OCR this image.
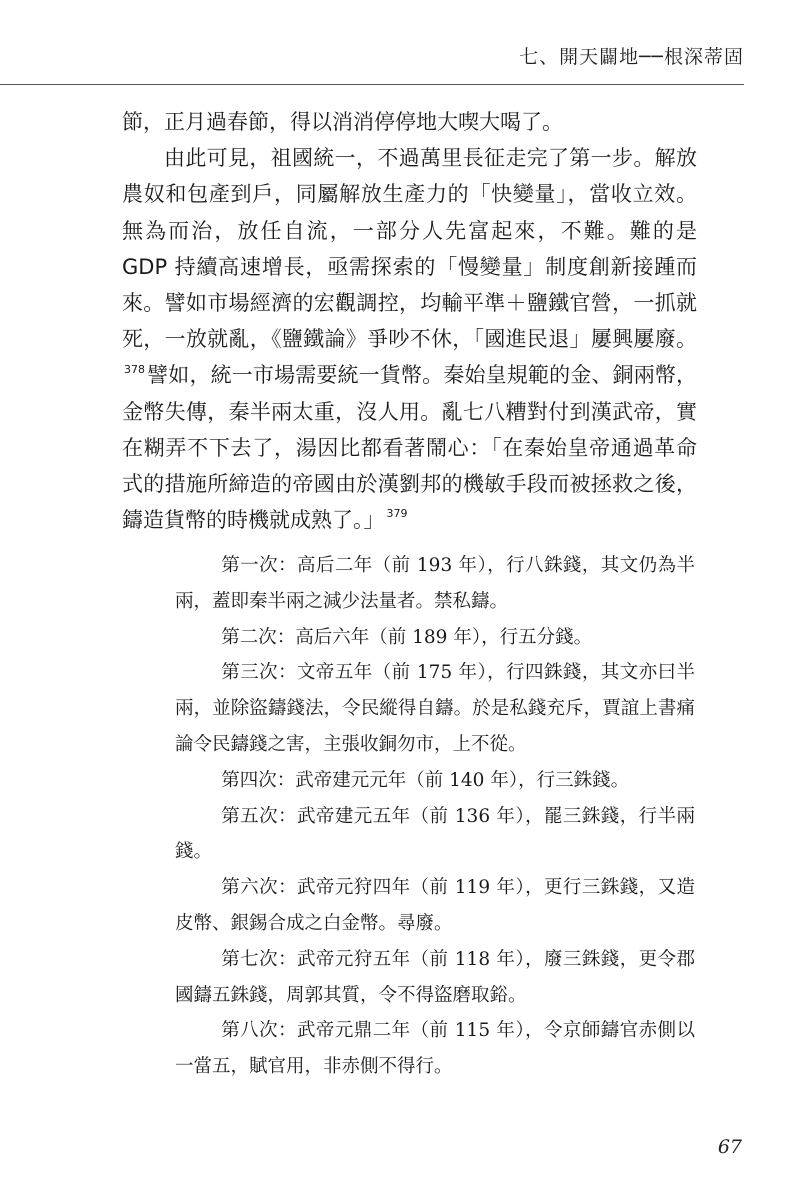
七、開天闢地──根深蒂固

節，正月過春節，得以消消停停地大喫大喝了。

由此可見，祖國統一，不過萬里長征走完了第一步。解放農奴和包產到戶，同屬解放生產力的「快變量」，當收立效。無為而治，放任自流，一部分人先富起來，不難。難的是 GDP 持續高速增長，亟需探索的「慢變量」制度創新接踵而來。譬如市場經濟的宏觀調控，均輸平準＋鹽鐵官營，一抓就死，一放就亂，《鹽鐵論》爭吵不休，「國進民退」屢興屢廢。$^{378}$譬如，統一市場需要統一貨幣。秦始皇規範的金、銅兩幣，金幣失傳，秦半兩太重，沒人用。亂七八糟對付到漢武帝，實在糊弄不下去了，湯因比都看著鬧心：「在秦始皇帝通過革命式的措施所締造的帝國由於漢劉邦的機敏手段而被拯救之後，鑄造貨幣的時機就成熟了。」 $^{379}$

第一次：高后二年（前 193 年），行八銖錢，其文仍為半兩，蓋即秦半兩之減少法量者。禁私鑄。

第二次：高后六年（前 189 年），行五分錢。

第三次：文帝五年（前 175 年），行四銖錢，其文亦曰半兩，並除盜鑄錢法，令民縱得自鑄。於是私錢充斥，賈誼上書痛論令民鑄錢之害，主張收銅勿市，上不從。

第四次：武帝建元元年（前 140 年），行三銖錢。

第五次：武帝建元五年（前 136 年），罷三銖錢，行半兩錢。

第六次：武帝元狩四年（前 119 年），更行三銖錢，又造皮幣、銀錫合成之白金幣。尋廢。

第七次：武帝元狩五年（前 118 年），廢三銖錢，更令郡國鑄五銖錢，周郭其質，令不得盜磨取鋊。

第八次：武帝元鼎二年（前 115 年），令京師鑄官赤側以一當五，賦官用，非赤側不得行。

67
